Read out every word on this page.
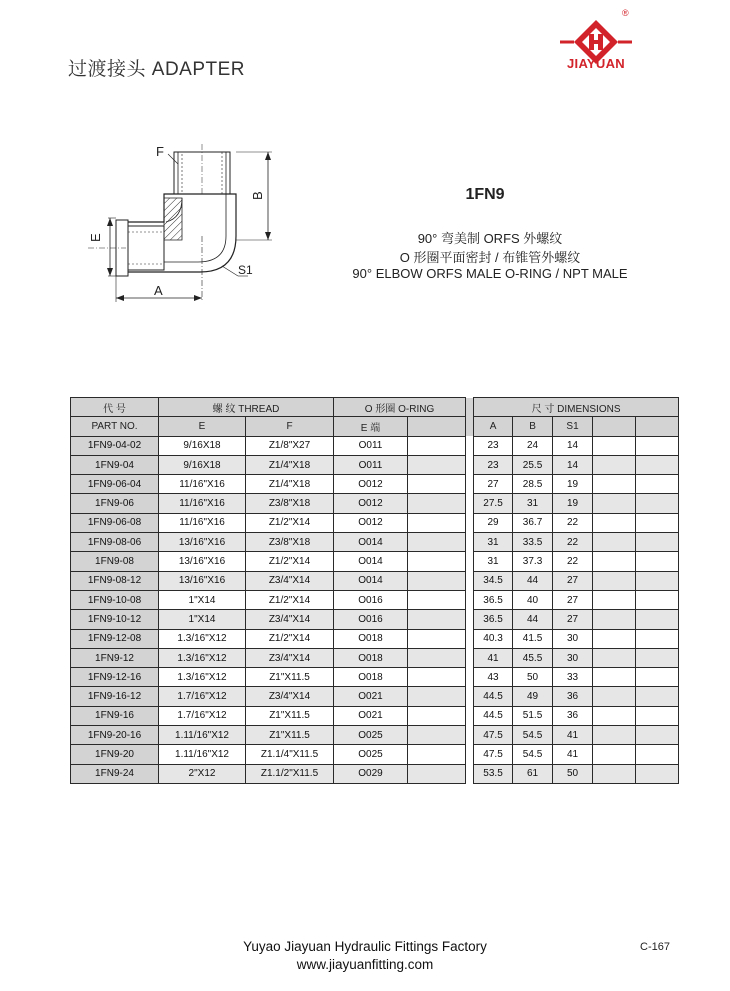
过渡接头 ADAPTER
®
JIAYUAN
F
B
E
A
S1
1FN9
90° 弯美制 ORFS 外螺纹
O 形圈平面密封 / 布锥管外螺纹
90° ELBOW ORFS MALE O-RING / NPT MALE
代 号	螺 纹 THREAD		O 形圈 O-RING			尺 寸 DIMENSIONS				
PART NO.	E	F	E 端			A	B	S1		
1FN9-04-02	9/16X18	Z1/8"X27	O011			23	24	14		
1FN9-04	9/16X18	Z1/4"X18	O011			23	25.5	14		
1FN9-06-04	11/16"X16	Z1/4"X18	O012			27	28.5	19		
1FN9-06	11/16"X16	Z3/8"X18	O012			27.5	31	19		
1FN9-06-08	11/16"X16	Z1/2"X14	O012			29	36.7	22		
1FN9-08-06	13/16"X16	Z3/8"X18	O014			31	33.5	22		
1FN9-08	13/16"X16	Z1/2"X14	O014			31	37.3	22		
1FN9-08-12	13/16"X16	Z3/4"X14	O014			34.5	44	27		
1FN9-10-08	1"X14	Z1/2"X14	O016			36.5	40	27		
1FN9-10-12	1"X14	Z3/4"X14	O016			36.5	44	27		
1FN9-12-08	1.3/16"X12	Z1/2"X14	O018			40.3	41.5	30		
1FN9-12	1.3/16"X12	Z3/4"X14	O018			41	45.5	30		
1FN9-12-16	1.3/16"X12	Z1"X11.5	O018			43	50	33		
1FN9-16-12	1.7/16"X12	Z3/4"X14	O021			44.5	49	36		
1FN9-16	1.7/16"X12	Z1"X11.5	O021			44.5	51.5	36		
1FN9-20-16	1.11/16"X12	Z1"X11.5	O025			47.5	54.5	41		
1FN9-20	1.11/16"X12	Z1.1/4"X11.5	O025			47.5	54.5	41		
1FN9-24	2"X12	Z1.1/2"X11.5	O029			53.5	61	50		
Yuyao Jiayuan Hydraulic Fittings Factory
www.jiayuanfitting.com
C-167
